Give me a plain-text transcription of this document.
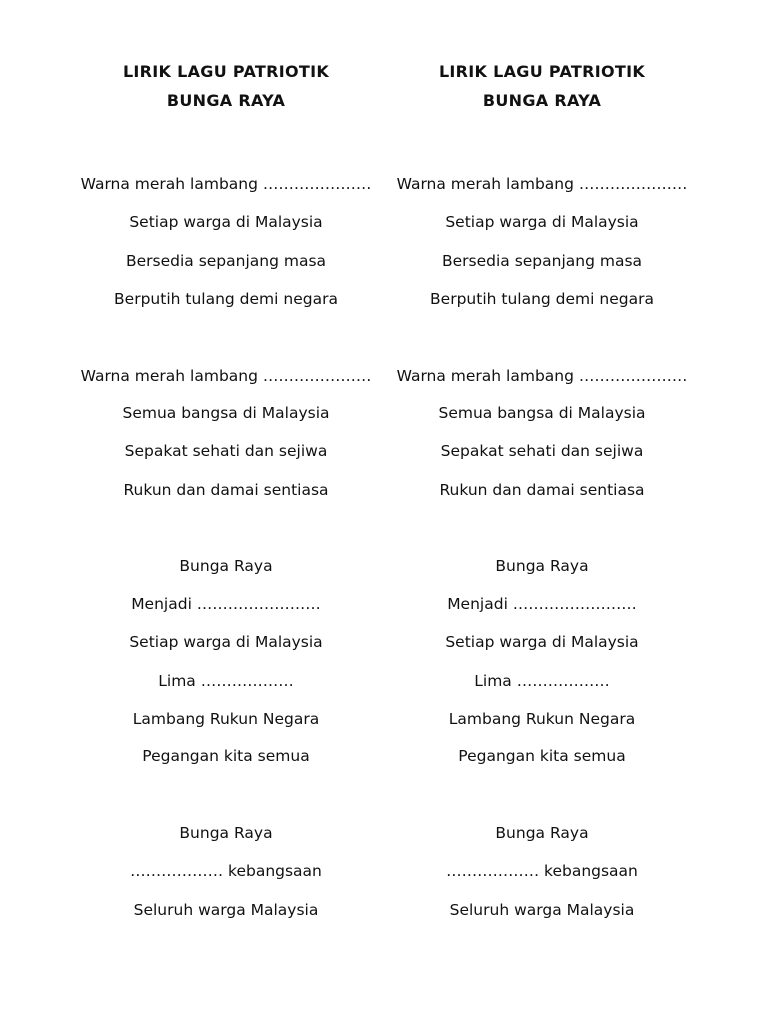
LIRIK LAGU PATRIOTIK
BUNGA RAYA
Warna merah lambang …………………
Setiap warga di Malaysia
Bersedia sepanjang masa
Berputih tulang demi negara
Warna merah lambang …………………
Semua bangsa di Malaysia
Sepakat sehati dan sejiwa
Rukun dan damai sentiasa
Bunga Raya
Menjadi ……………………
Setiap warga di Malaysia
Lima ………………
Lambang Rukun Negara
Pegangan kita semua
Bunga Raya
……………… kebangsaan
Seluruh warga Malaysia
LIRIK LAGU PATRIOTIK
BUNGA RAYA
Warna merah lambang …………………
Setiap warga di Malaysia
Bersedia sepanjang masa
Berputih tulang demi negara
Warna merah lambang …………………
Semua bangsa di Malaysia
Sepakat sehati dan sejiwa
Rukun dan damai sentiasa
Bunga Raya
Menjadi ……………………
Setiap warga di Malaysia
Lima ………………
Lambang Rukun Negara
Pegangan kita semua
Bunga Raya
……………… kebangsaan
Seluruh warga Malaysia
